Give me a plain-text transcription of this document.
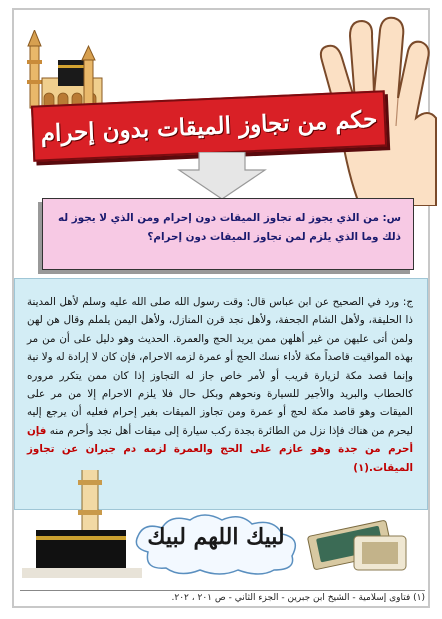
حكم من تجاوز الميقات بدون إحرام
س: من الذي يجوز له تجاوز الميقات دون إحرام ومن الذي لا يجوز له ذلك وما الذي يلزم لمن تجاوز الميقات دون إحرام؟
ج: ورد في الصحيح عن ابن عباس قال: وقت رسول الله صلى الله عليه وسلم لأهل المدينة ذا الحليفة، ولأهل الشام الجحفة، ولأهل نجد قرن المنازل، ولأهل اليمن يلملم وقال هن لهن ولمن أتى عليهن من غير أهلهن ممن يريد الحج والعمرة. الحديث وهو دليل على أن من مر بهذه المواقيت قاصداً مكة لأداء نسك الحج أو عمرة لزمه الاحرام، فإن كان لا إرادة له ولا نية وإنما قصد مكة لزيارة قريب أو لأمر خاص جاز له التجاوز إذا كان ممن يتكرر مروره كالحطاب والبريد والأجير للسيارة ونحوهم وبكل حال فلا يلزم الاحرام إلا من مر على الميقات وهو قاصد مكة لحج أو عمرة ومن تجاوز الميقات بغير إحرام فعليه أن يرجع إليه ليحرم من هناك فإذا نزل من الطائرة بجدة ركب سيارة إلى ميقات أهل نجد وأحرم منه فإن أحرم من جدة وهو عازم على الحج والعمرة لزمه دم جبران عن تجاوز الميقات.(١)
لبيك اللهم لبيك
(١) فتاوى إسلامية - الشيخ ابن جبرين - الجزء الثاني - ص ٢٠١ ، ٢٠٢.
